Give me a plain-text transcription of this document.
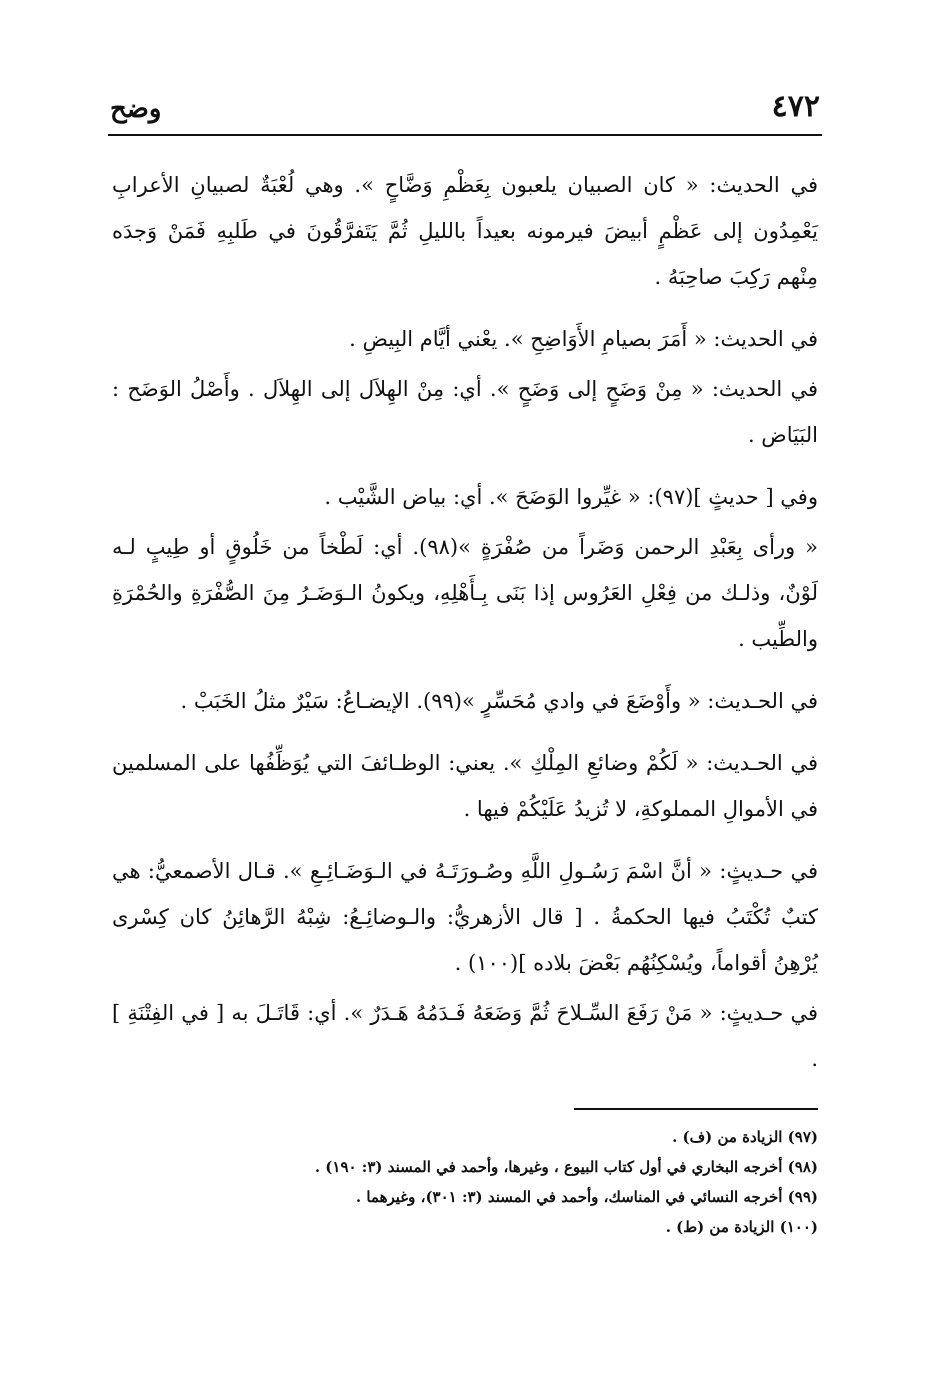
٤٧٢
وضح

في الحديث: « كان الصبيان يلعبون بِعَظْمِ وَضَّاحٍ ». وهي لُعْبَةٌ لصبيانِ الأعرابِ يَعْمِدُون إلى عَظْمٍ أبيضَ فيرمونه بعيداً بالليلِ ثُمَّ يَتَفرَّقُونَ في طَلبِهِ فَمَنْ وَجدَه مِنْهم رَكِبَ صاحِبَهُ .

في الحديث: « أَمَرَ بصيامِ الأَوَاضِحِ ». يعْني أيَّام البِيضِ .

في الحديث: « مِنْ وَضَحٍ إلى وَضَحٍ ». أي: مِنْ الهِلاَل إلى الهِلاَل . وأَصْلُ الوَضَح : البَيَاض .

وفي [ حديثٍ ](٩٧): « غيِّروا الوَضَحَ ». أي: بياض الشَّيْب .

« ورأى بِعَبْدِ الرحمن وَضَراً من صُفْرَةٍ »(٩٨). أي: لَطْخاً من خَلُوقٍ أو طِيبٍ لـه لَوْنٌ، وذلـك من فِعْلِ العَرُوس إذا بَنَى بِـأَهْلِهِ، ويكونُ الـوَضَـرُ مِنَ الصُّفْرَةِ والحُمْرَةِ والطِّيب .

في الحـديث: « وأَوْضَعَ في وادي مُحَسِّرٍ »(٩٩). الإيضـاعُ: سَيْرٌ مثلُ الخَبَبْ .

في الحـديث: « لَكُمْ وضائعِ المِلْكِ ». يعني: الوظـائفَ التي يُوَظِّفُها على المسلمين في الأموالِ المملوكةِ، لا تُزيدُ عَلَيْكُمْ فيها .

في حـديثٍ: « أنَّ اسْمَ رَسُـولِ اللَّهِ وصُـورَتَـهُ في الـوَضَـائِـعِ ». قـال الأصمعيُّ: هي كتبٌ تُكْتَبُ فيها الحكمةُ . [ قال الأزهريُّ: والـوضائِـعُ: شِبْهُ الرَّهائِنُ كان كِسْرى يُرْهِنُ أقواماً، ويُسْكِنُهُم بَعْضَ بلاده ](١٠٠) .

في حـديثٍ: « مَنْ رَفَعَ السِّـلاحَ ثُمَّ وَضَعَهُ فَـدَمُهُ هَـدَرٌ ». أي: قَاتَـلَ به [ في الفِتْنَةِ ] .

(٩٧) الزيادة من (ف) .

(٩٨) أخرجه البخاري في أول كتاب البيوع ، وغيرها، وأحمد في المسند (٣: ١٩٠) .

(٩٩) أخرجه النسائي في المناسك، وأحمد في المسند (٣: ٣٠١)، وغيرهما .

(١٠٠) الزيادة من (ط) .
